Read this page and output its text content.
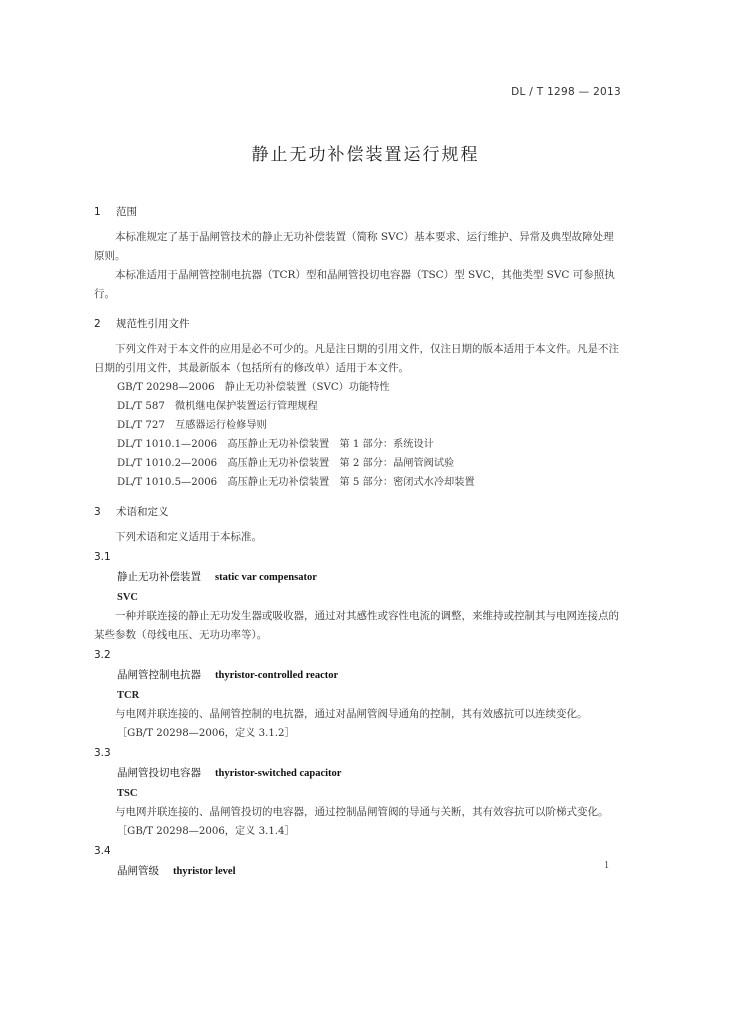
DL / T 1298 — 2013
静止无功补偿装置运行规程
1 范围

本标准规定了基于晶闸管技术的静止无功补偿装置（简称 SVC）基本要求、运行维护、异常及典型故障处理原则。

本标准适用于晶闸管控制电抗器（TCR）型和晶闸管投切电容器（TSC）型 SVC，其他类型 SVC 可参照执行。

2 规范性引用文件

下列文件对于本文件的应用是必不可少的。凡是注日期的引用文件，仅注日期的版本适用于本文件。凡是不注日期的引用文件，其最新版本（包括所有的修改单）适用于本文件。

GB/T 20298—2006　静止无功补偿装置（SVC）功能特性
DL/T 587　微机继电保护装置运行管理规程
DL/T 727　互感器运行检修导则
DL/T 1010.1—2006　高压静止无功补偿装置　第 1 部分：系统设计
DL/T 1010.2—2006　高压静止无功补偿装置　第 2 部分：晶闸管阀试验
DL/T 1010.5—2006　高压静止无功补偿装置　第 5 部分：密闭式水冷却装置
3 术语和定义

下列术语和定义适用于本标准。

3.1
静止无功补偿装置 static var compensator
SVC

一种并联连接的静止无功发生器或吸收器，通过对其感性或容性电流的调整，来维持或控制其与电网连接点的某些参数（母线电压、无功功率等）。

3.2
晶闸管控制电抗器 thyristor-controlled reactor
TCR

与电网并联连接的、晶闸管控制的电抗器，通过对晶闸管阀导通角的控制，其有效感抗可以连续变化。

［GB/T 20298—2006，定义 3.1.2］
3.3
晶闸管投切电容器 thyristor-switched capacitor
TSC

与电网并联连接的、晶闸管投切的电容器，通过控制晶闸管阀的导通与关断，其有效容抗可以阶梯式变化。

［GB/T 20298—2006，定义 3.1.4］
3.4
晶闸管级 thyristor level
1
